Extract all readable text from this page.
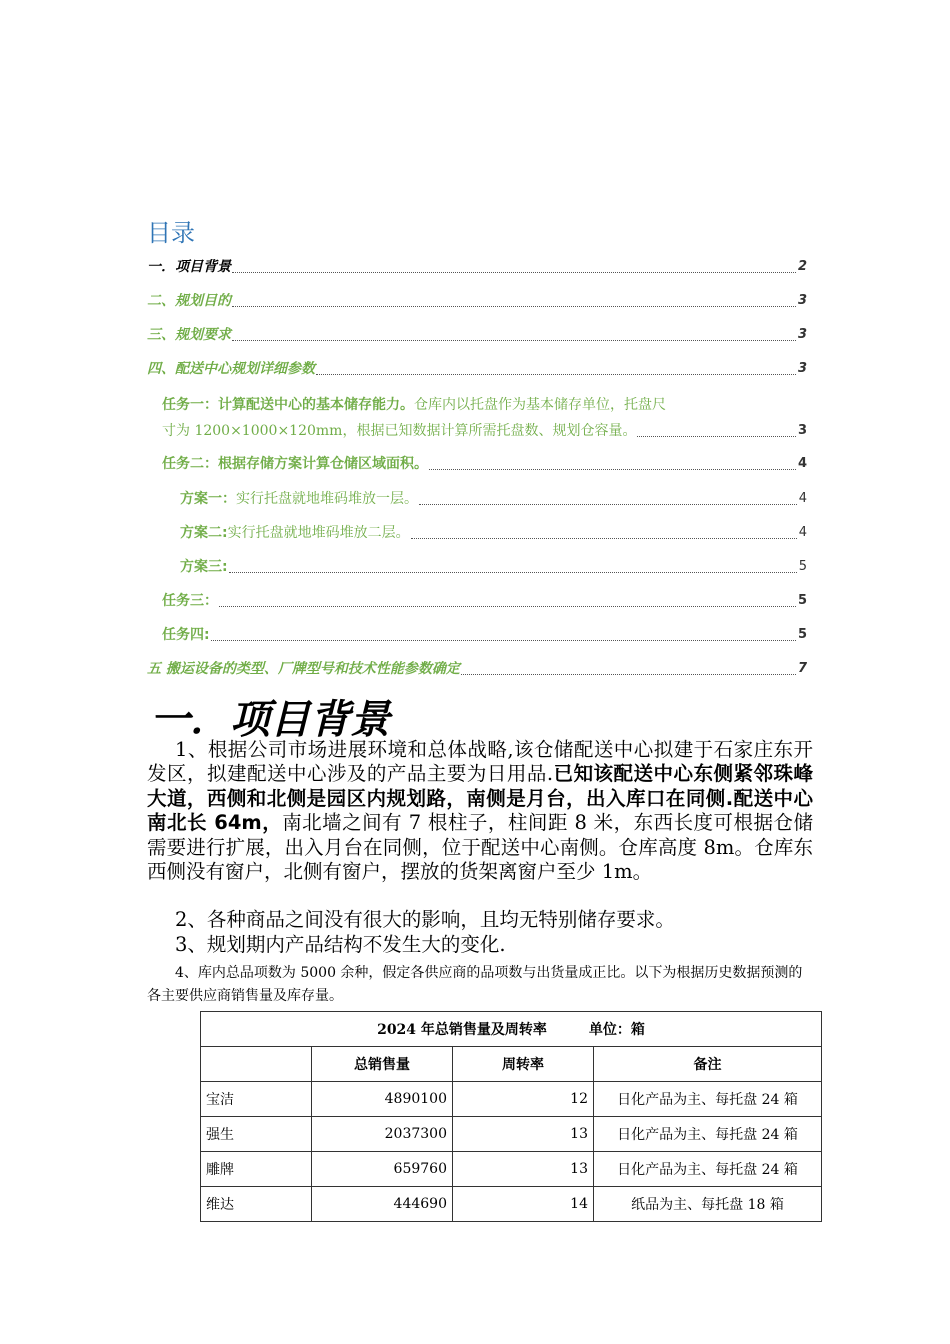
目录
一．项目背景	2
二、规划目的	3
三、规划要求	3
四、配送中心规划详细参数	3
任务一：计算配送中心的基本储存能力。仓库内以托盘作为基本储存单位，托盘尺
寸为 1200×1000×120mm，根据已知数据计算所需托盘数、规划仓容量。	3
任务二：根据存储方案计算仓储区域面积。	4
方案一：实行托盘就地堆码堆放一层。	4
方案二:实行托盘就地堆码堆放二层。	4
方案三:	5
任务三：	5
任务四:	5
五 搬运设备的类型、厂牌型号和技术性能参数确定	7
一．项目背景

1、根据公司市场进展环境和总体战略,该仓储配送中心拟建于石家庄东开发区，拟建配送中心涉及的产品主要为日用品.已知该配送中心东侧紧邻珠峰大道，西侧和北侧是园区内规划路，南侧是月台，出入库口在同侧.配送中心南北长 64m，南北墙之间有 7 根柱子，柱间距 8 米，东西长度可根据仓储需要进行扩展，出入月台在同侧，位于配送中心南侧。仓库高度 8m。仓库东西侧没有窗户，北侧有窗户，摆放的货架离窗户至少 1m。

2、各种商品之间没有很大的影响，且均无特别储存要求。

3、规划期内产品结构不发生大的变化.

4、库内总品项数为 5000 余种，假定各供应商的品项数与出货量成正比。以下为根据历史数据预测的各主要供应商销售量及库存量。

2024 年总销售量及周转率　　　单位：箱			
	总销售量	周转率	备注
宝洁	4890100	12	日化产品为主、每托盘 24 箱
强生	2037300	13	日化产品为主、每托盘 24 箱
雕牌	659760	13	日化产品为主、每托盘 24 箱
维达	444690	14	纸品为主、每托盘 18 箱
